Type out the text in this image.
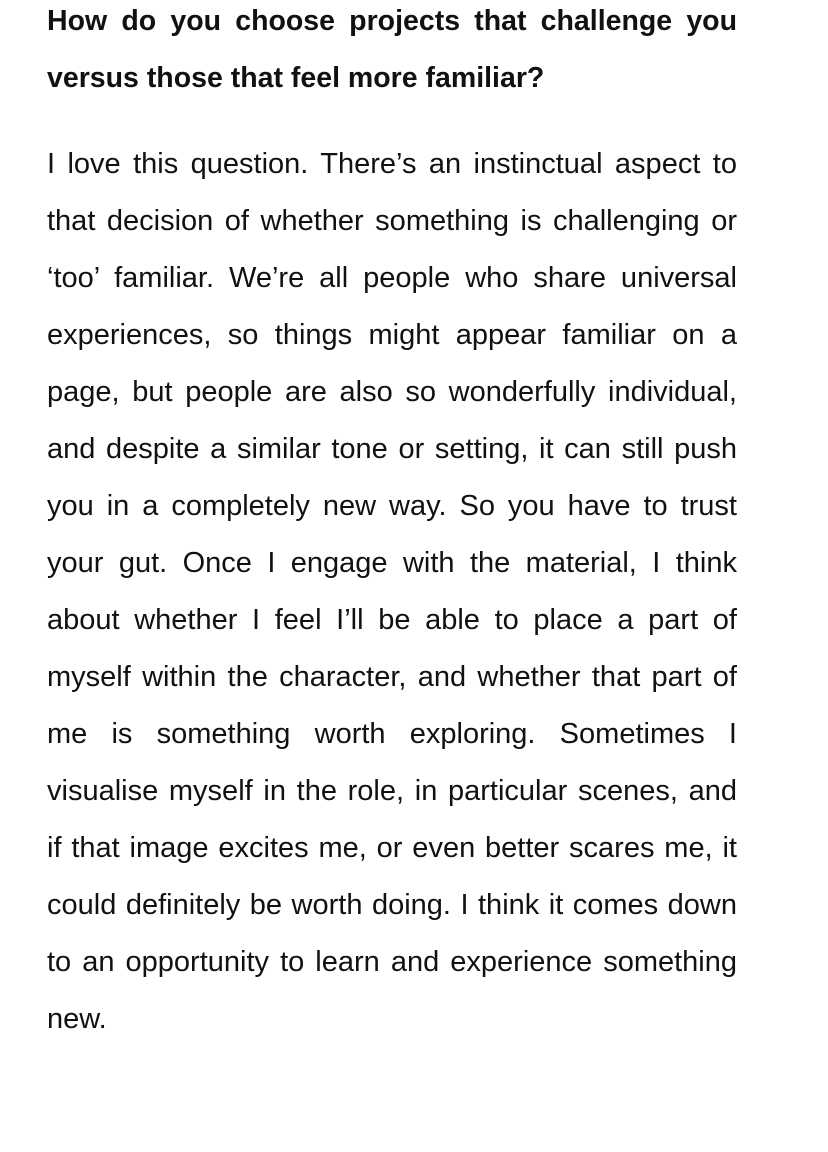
How do you choose projects that challenge you versus those that feel more familiar?

I love this question. There’s an instinctual aspect to that decision of whether something is challenging or ‘too’ familiar. We’re all people who share universal experiences, so things might appear familiar on a page, but people are also so wonderfully individual, and despite a similar tone or setting, it can still push you in a completely new way. So you have to trust your gut. Once I engage with the material, I think about whether I feel I’ll be able to place a part of myself within the character, and whether that part of me is something worth exploring. Sometimes I visualise myself in the role, in particular scenes, and if that image excites me, or even better scares me, it could definitely be worth doing. I think it comes down to an opportunity to learn and experience something new.
